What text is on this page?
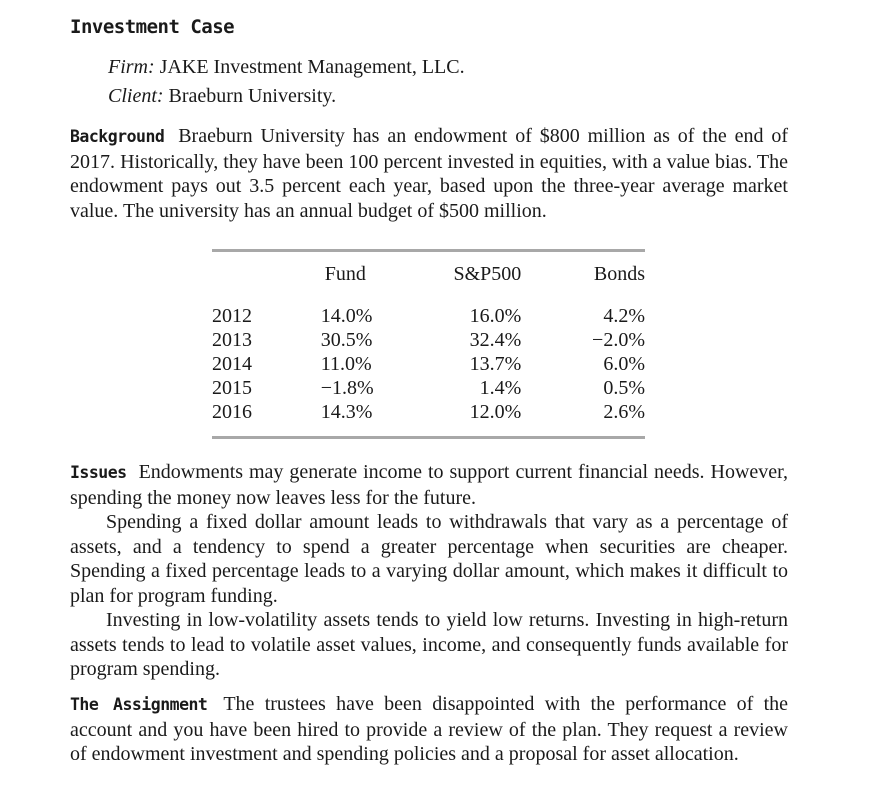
Investment Case
Firm: JAKE Investment Management, LLC.
Client: Braeburn University.
Background Braeburn University has an endowment of $800 million as of the end of 2017. Historically, they have been 100 percent invested in equities, with a value bias. The endowment pays out 3.5 percent each year, based upon the three-year average market value. The university has an annual budget of $500 million.
	Fund	S&P500	Bonds
2012	14.0%	16.0%	4.2%
2013	30.5%	32.4%	−2.0%
2014	11.0%	13.7%	6.0%
2015	−1.8%	1.4%	0.5%
2016	14.3%	12.0%	2.6%
Issues Endowments may generate income to support current financial needs. However, spending the money now leaves less for the future.
Spending a fixed dollar amount leads to withdrawals that vary as a percentage of assets, and a tendency to spend a greater percentage when securities are cheaper. Spending a fixed percentage leads to a varying dollar amount, which makes it difficult to plan for program funding.
Investing in low-volatility assets tends to yield low returns. Investing in high-return assets tends to lead to volatile asset values, income, and consequently funds available for program spending.
The Assignment The trustees have been disappointed with the performance of the account and you have been hired to provide a review of the plan. They request a review of endowment investment and spending policies and a proposal for asset allocation.
